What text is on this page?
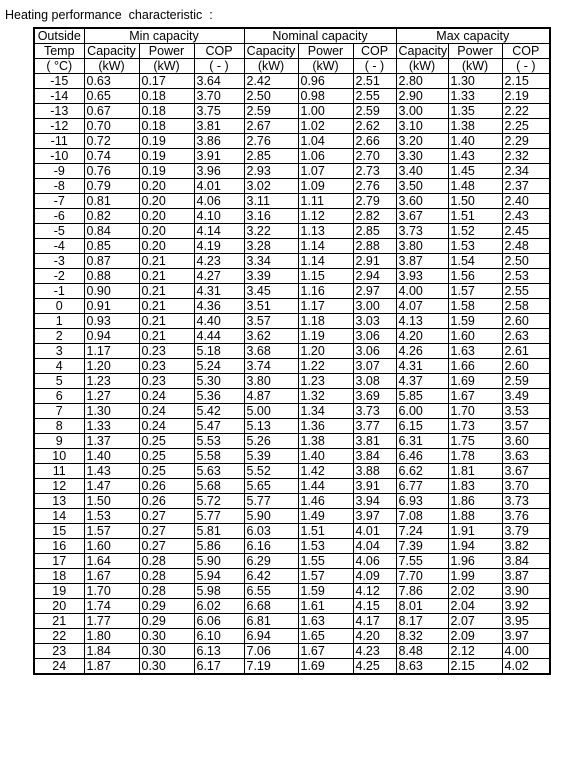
Heating performance  characteristic  :
Outside	Min capacity			Nominal capacity			Max capacity		
Temp	Capacity	Power	COP	Capacity	Power	COP	Capacity	Power	COP
( °C)	(kW)	(kW)	( - )	(kW)	(kW)	( - )	(kW)	(kW)	( - )
-15	0.63	0.17	3.64	2.42	0.96	2.51	2.80	1.30	2.15
-14	0.65	0.18	3.70	2.50	0.98	2.55	2.90	1.33	2.19
-13	0.67	0.18	3.75	2.59	1.00	2.59	3.00	1.35	2.22
-12	0.70	0.18	3.81	2.67	1.02	2.62	3.10	1.38	2.25
-11	0.72	0.19	3.86	2.76	1.04	2.66	3.20	1.40	2.29
-10	0.74	0.19	3.91	2.85	1.06	2.70	3.30	1.43	2.32
-9	0.76	0.19	3.96	2.93	1.07	2.73	3.40	1.45	2.34
-8	0.79	0.20	4.01	3.02	1.09	2.76	3.50	1.48	2.37
-7	0.81	0.20	4.06	3.11	1.11	2.79	3.60	1.50	2.40
-6	0.82	0.20	4.10	3.16	1.12	2.82	3.67	1.51	2.43
-5	0.84	0.20	4.14	3.22	1.13	2.85	3.73	1.52	2.45
-4	0.85	0.20	4.19	3.28	1.14	2.88	3.80	1.53	2.48
-3	0.87	0.21	4.23	3.34	1.14	2.91	3.87	1.54	2.50
-2	0.88	0.21	4.27	3.39	1.15	2.94	3.93	1.56	2.53
-1	0.90	0.21	4.31	3.45	1.16	2.97	4.00	1.57	2.55
0	0.91	0.21	4.36	3.51	1.17	3.00	4.07	1.58	2.58
1	0.93	0.21	4.40	3.57	1.18	3.03	4.13	1.59	2.60
2	0.94	0.21	4.44	3.62	1.19	3.06	4.20	1.60	2.63
3	1.17	0.23	5.18	3.68	1.20	3.06	4.26	1.63	2.61
4	1.20	0.23	5.24	3.74	1.22	3.07	4.31	1.66	2.60
5	1.23	0.23	5.30	3.80	1.23	3.08	4.37	1.69	2.59
6	1.27	0.24	5.36	4.87	1.32	3.69	5.85	1.67	3.49
7	1.30	0.24	5.42	5.00	1.34	3.73	6.00	1.70	3.53
8	1.33	0.24	5.47	5.13	1.36	3.77	6.15	1.73	3.57
9	1.37	0.25	5.53	5.26	1.38	3.81	6.31	1.75	3.60
10	1.40	0.25	5.58	5.39	1.40	3.84	6.46	1.78	3.63
11	1.43	0.25	5.63	5.52	1.42	3.88	6.62	1.81	3.67
12	1.47	0.26	5.68	5.65	1.44	3.91	6.77	1.83	3.70
13	1.50	0.26	5.72	5.77	1.46	3.94	6.93	1.86	3.73
14	1.53	0.27	5.77	5.90	1.49	3.97	7.08	1.88	3.76
15	1.57	0.27	5.81	6.03	1.51	4.01	7.24	1.91	3.79
16	1.60	0.27	5.86	6.16	1.53	4.04	7.39	1.94	3.82
17	1.64	0.28	5.90	6.29	1.55	4.06	7.55	1.96	3.84
18	1.67	0.28	5.94	6.42	1.57	4.09	7.70	1.99	3.87
19	1.70	0.28	5.98	6.55	1.59	4.12	7.86	2.02	3.90
20	1.74	0.29	6.02	6.68	1.61	4.15	8.01	2.04	3.92
21	1.77	0.29	6.06	6.81	1.63	4.17	8.17	2.07	3.95
22	1.80	0.30	6.10	6.94	1.65	4.20	8.32	2.09	3.97
23	1.84	0.30	6.13	7.06	1.67	4.23	8.48	2.12	4.00
24	1.87	0.30	6.17	7.19	1.69	4.25	8.63	2.15	4.02
